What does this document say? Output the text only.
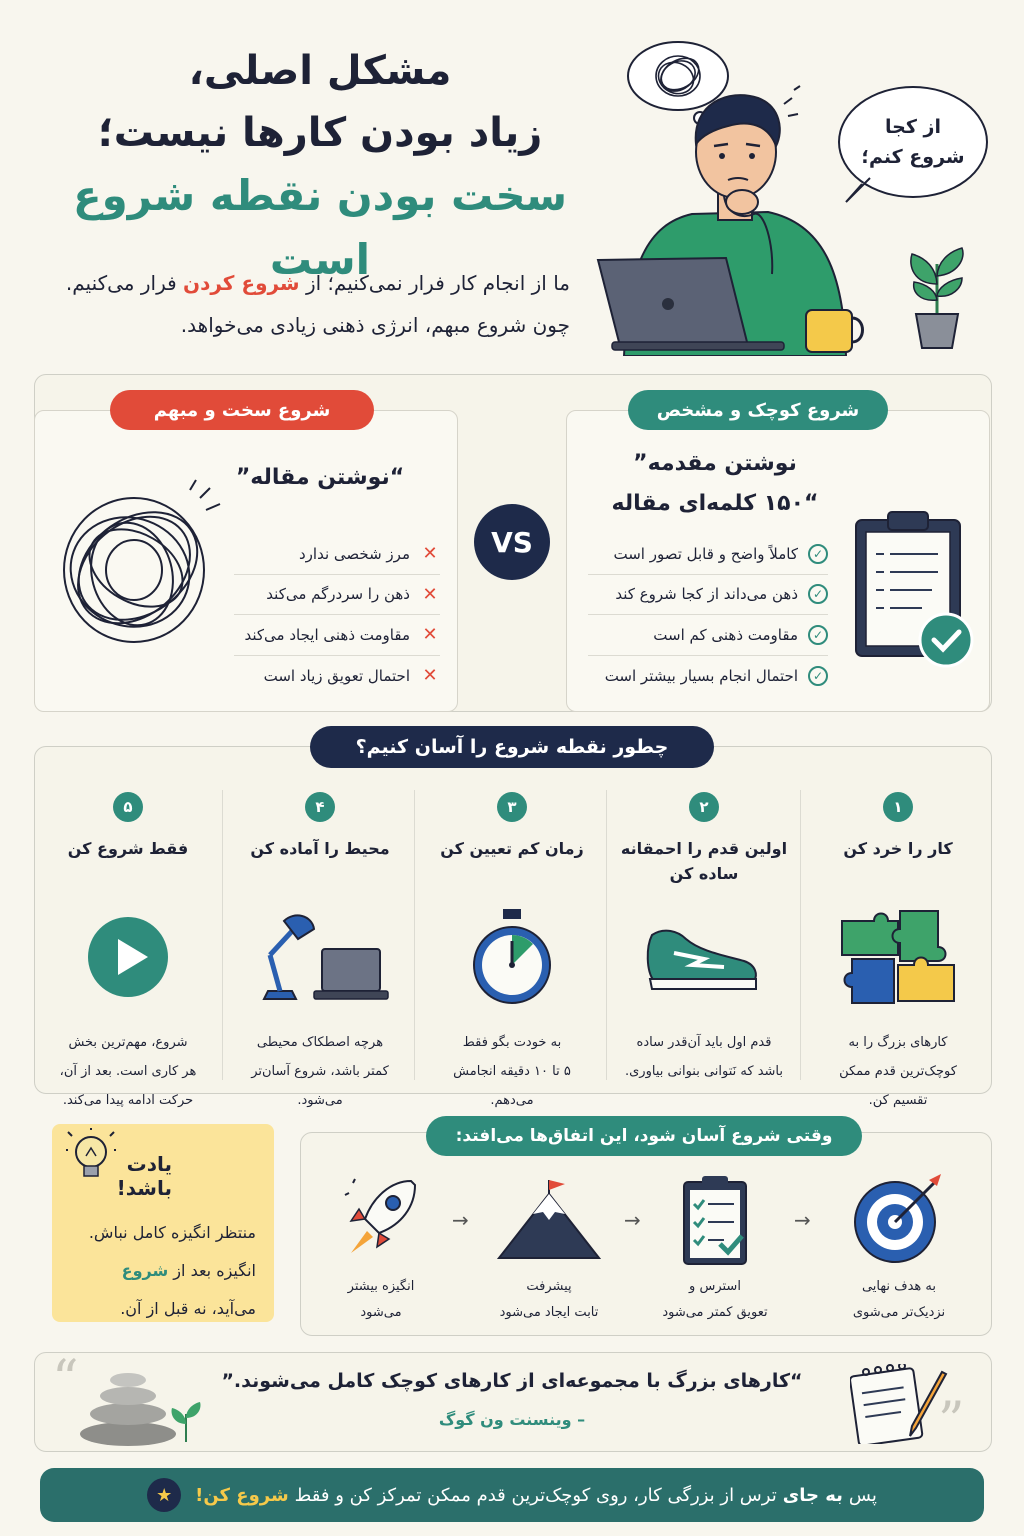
مشکل اصلی،
زیاد بودن کارها نیست؛
سخت بودن نقطه شروع است
ما از انجام کار فرار نمی‌کنیم؛ از شروع کردن فرار می‌کنیم.
چون شروع مبهم، انرژی ذهنی زیادی می‌خواهد.
از کجا
شروع کنم؛
شروع سخت و مبهم	شروع کوچک و مشخص
“نوشتن مقاله”
✕
مرز شخصی ندارد
✕
ذهن را سردرگم می‌کند
✕
مقاومت ذهنی ایجاد می‌کند
✕
احتمال تعویق زیاد است
VS
نوشتن مقدمه”
“۱۵۰ کلمه‌ای مقاله
✓
کاملاً واضح و قابل تصور است
✓
ذهن می‌داند از کجا شروع کند
✓
مقاومت ذهنی کم است
✓
احتمال انجام بسیار بیشتر است
چطور نقطه شروع را آسان کنیم؟
۱
کار را خرد کن
کارهای بزرگ را به
کوچک‌ترین قدم ممکن
تقسیم کن.
۲
اولین قدم را احمقانه ساده کن
قدم اول باید آن‌قدر ساده
باشد که نَتوانی بنوانی بیاوری.
۳
زمان کم تعیین کن
به خودت بگو فقط
۵ تا ۱۰ دقیقه انجامش
می‌دهم.
۴
محیط را آماده کن
هرچه اصطکاک محیطی
کمتر باشد، شروع آسان‌تر
می‌شود.
۵
فقط شروع کن
شروع، مهم‌ترین بخش
هر کاری است. بعد از آن،
حرکت ادامه پیدا می‌کند.
یادت باشد!
منتظر انگیزه کامل نباش.
انگیزه بعد از شروع
می‌آید، نه قبل از آن.
وقتی شروع آسان شود، این اتفاق‌ها می‌افتد:
به هدف نهایی
نزدیک‌تر می‌شوی
→
استرس و
تعویق کمتر می‌شود
→
پیشرفت
تابت ایجاد می‌شود
→
انگیزه بیشتر
می‌شود
“
”
“کارهای بزرگ با مجموعه‌ای از کارهای کوچک کامل می‌شوند.”
– وینسنت ون گوگ
پس
به جای
ترس از بزرگی کار، روی کوچک‌ترین قدم ممکن تمرکز کن و فقط
شروع کن!
★
